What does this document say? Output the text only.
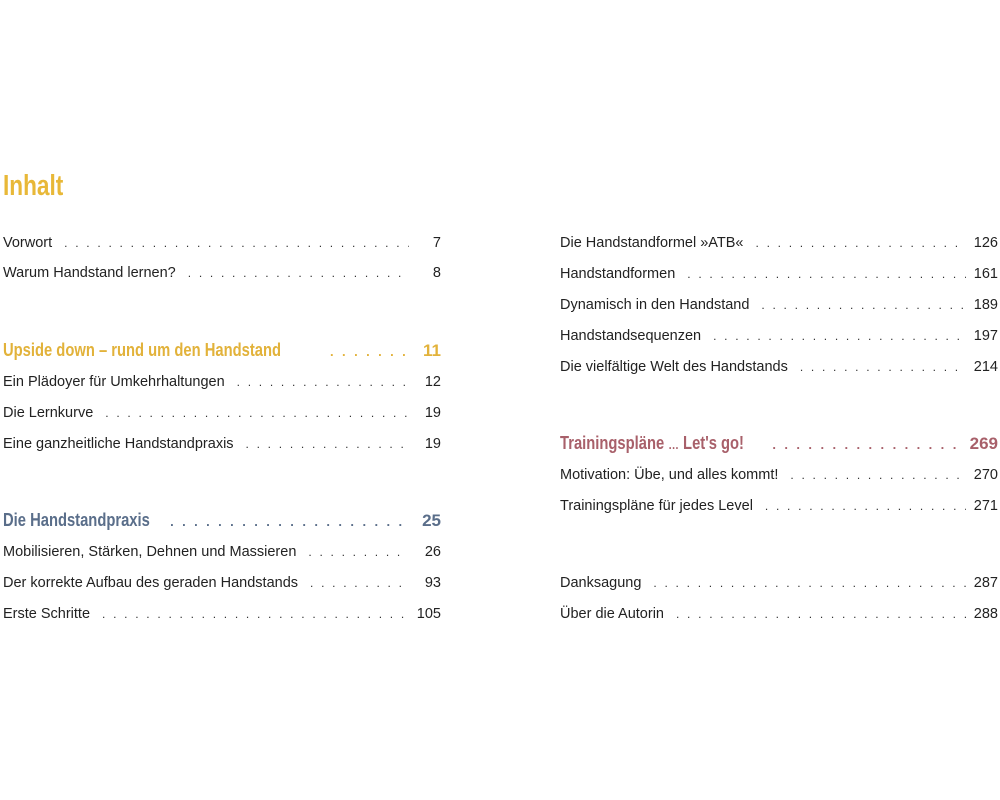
Inhalt
Vorwort . . .	7
Warum Handstand lernen? . . .	8
Upside down – rund um den Handstand . . .	11
Ein Plädoyer für Umkehrhaltungen . . .	12
Die Lernkurve . . .	19
Eine ganzheitliche Handstandpraxis . . .	19
Die Handstandpraxis . . .	25
Mobilisieren, Stärken, Dehnen und Massieren . . .	26
Der korrekte Aufbau des geraden Handstands . . .	93
Erste Schritte . . .	105
Die Handstandformel »ATB« . . .	126
Handstandformen . . .	161
Dynamisch in den Handstand . . .	189
Handstandsequenzen . . .	197
Die vielfältige Welt des Handstands . . .	214
Trainingspläne … Let's go! . . .	269
Motivation: Übe, und alles kommt! . . .	270
Trainingspläne für jedes Level . . .	271
Danksagung . . .	287
Über die Autorin . . .	288
